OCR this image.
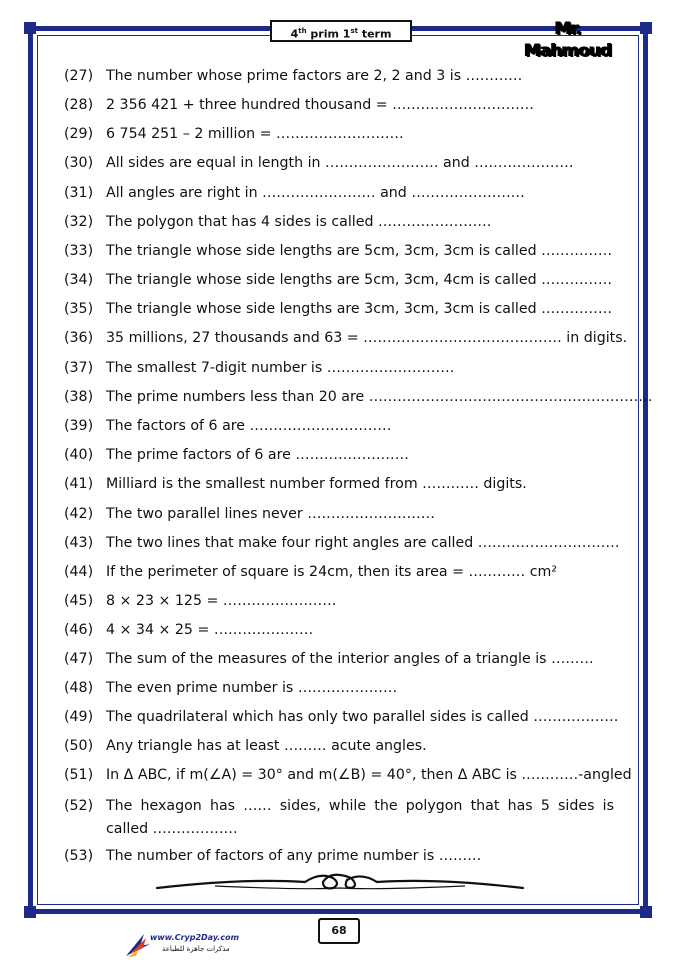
4th prim 1st term	Mr. Mahmoud
(27) The number whose prime factors are 2, 2 and 3 is …………
(28) 2 356 421 + three hundred thousand = …………………………
(29) 6 754 251 – 2 million = ………………………
(30) All sides are equal in length in …………………… and …………………
(31) All angles are right in …………………… and ……………………
(32) The polygon that has 4 sides is called ……………………
(33) The triangle whose side lengths are 5cm, 3cm, 3cm is called ……………
(34) The triangle whose side lengths are 5cm, 3cm, 4cm is called ……………
(35) The triangle whose side lengths are 3cm, 3cm, 3cm is called ……………
(36) 35 millions, 27 thousands and 63 = …………………………………… in digits.
(37) The smallest 7-digit number is ………………………
(38) The prime numbers less than 20 are ……………………………………………………
(39) The factors of 6 are …………………………
(40) The prime factors of 6 are ……………………
(41) Milliard is the smallest number formed from ………… digits.
(42) The two parallel lines never ………………………
(43) The two lines that make four right angles are called …………………………
(44) If the perimeter of square is 24cm, then its area = ………… cm²
(45) 8 × 23 × 125 = ……………………
(46) 4 × 34 × 25 = …………………
(47) The sum of the measures of the interior angles of a triangle is ………
(48) The even prime number is …………………
(49) The quadrilateral which has only two parallel sides is called ………………
(50) Any triangle has at least ……… acute angles.
(51) In Δ ABC, if m(∠A) = 30° and m(∠B) = 40°, then Δ ABC is …………-angled
(52) The hexagon has …… sides, while the polygon that has 5 sides is called ………………
(53) The number of factors of any prime number is ………
68
www.Cryp2Day.com
مذكرات جاهزة للطباعة
